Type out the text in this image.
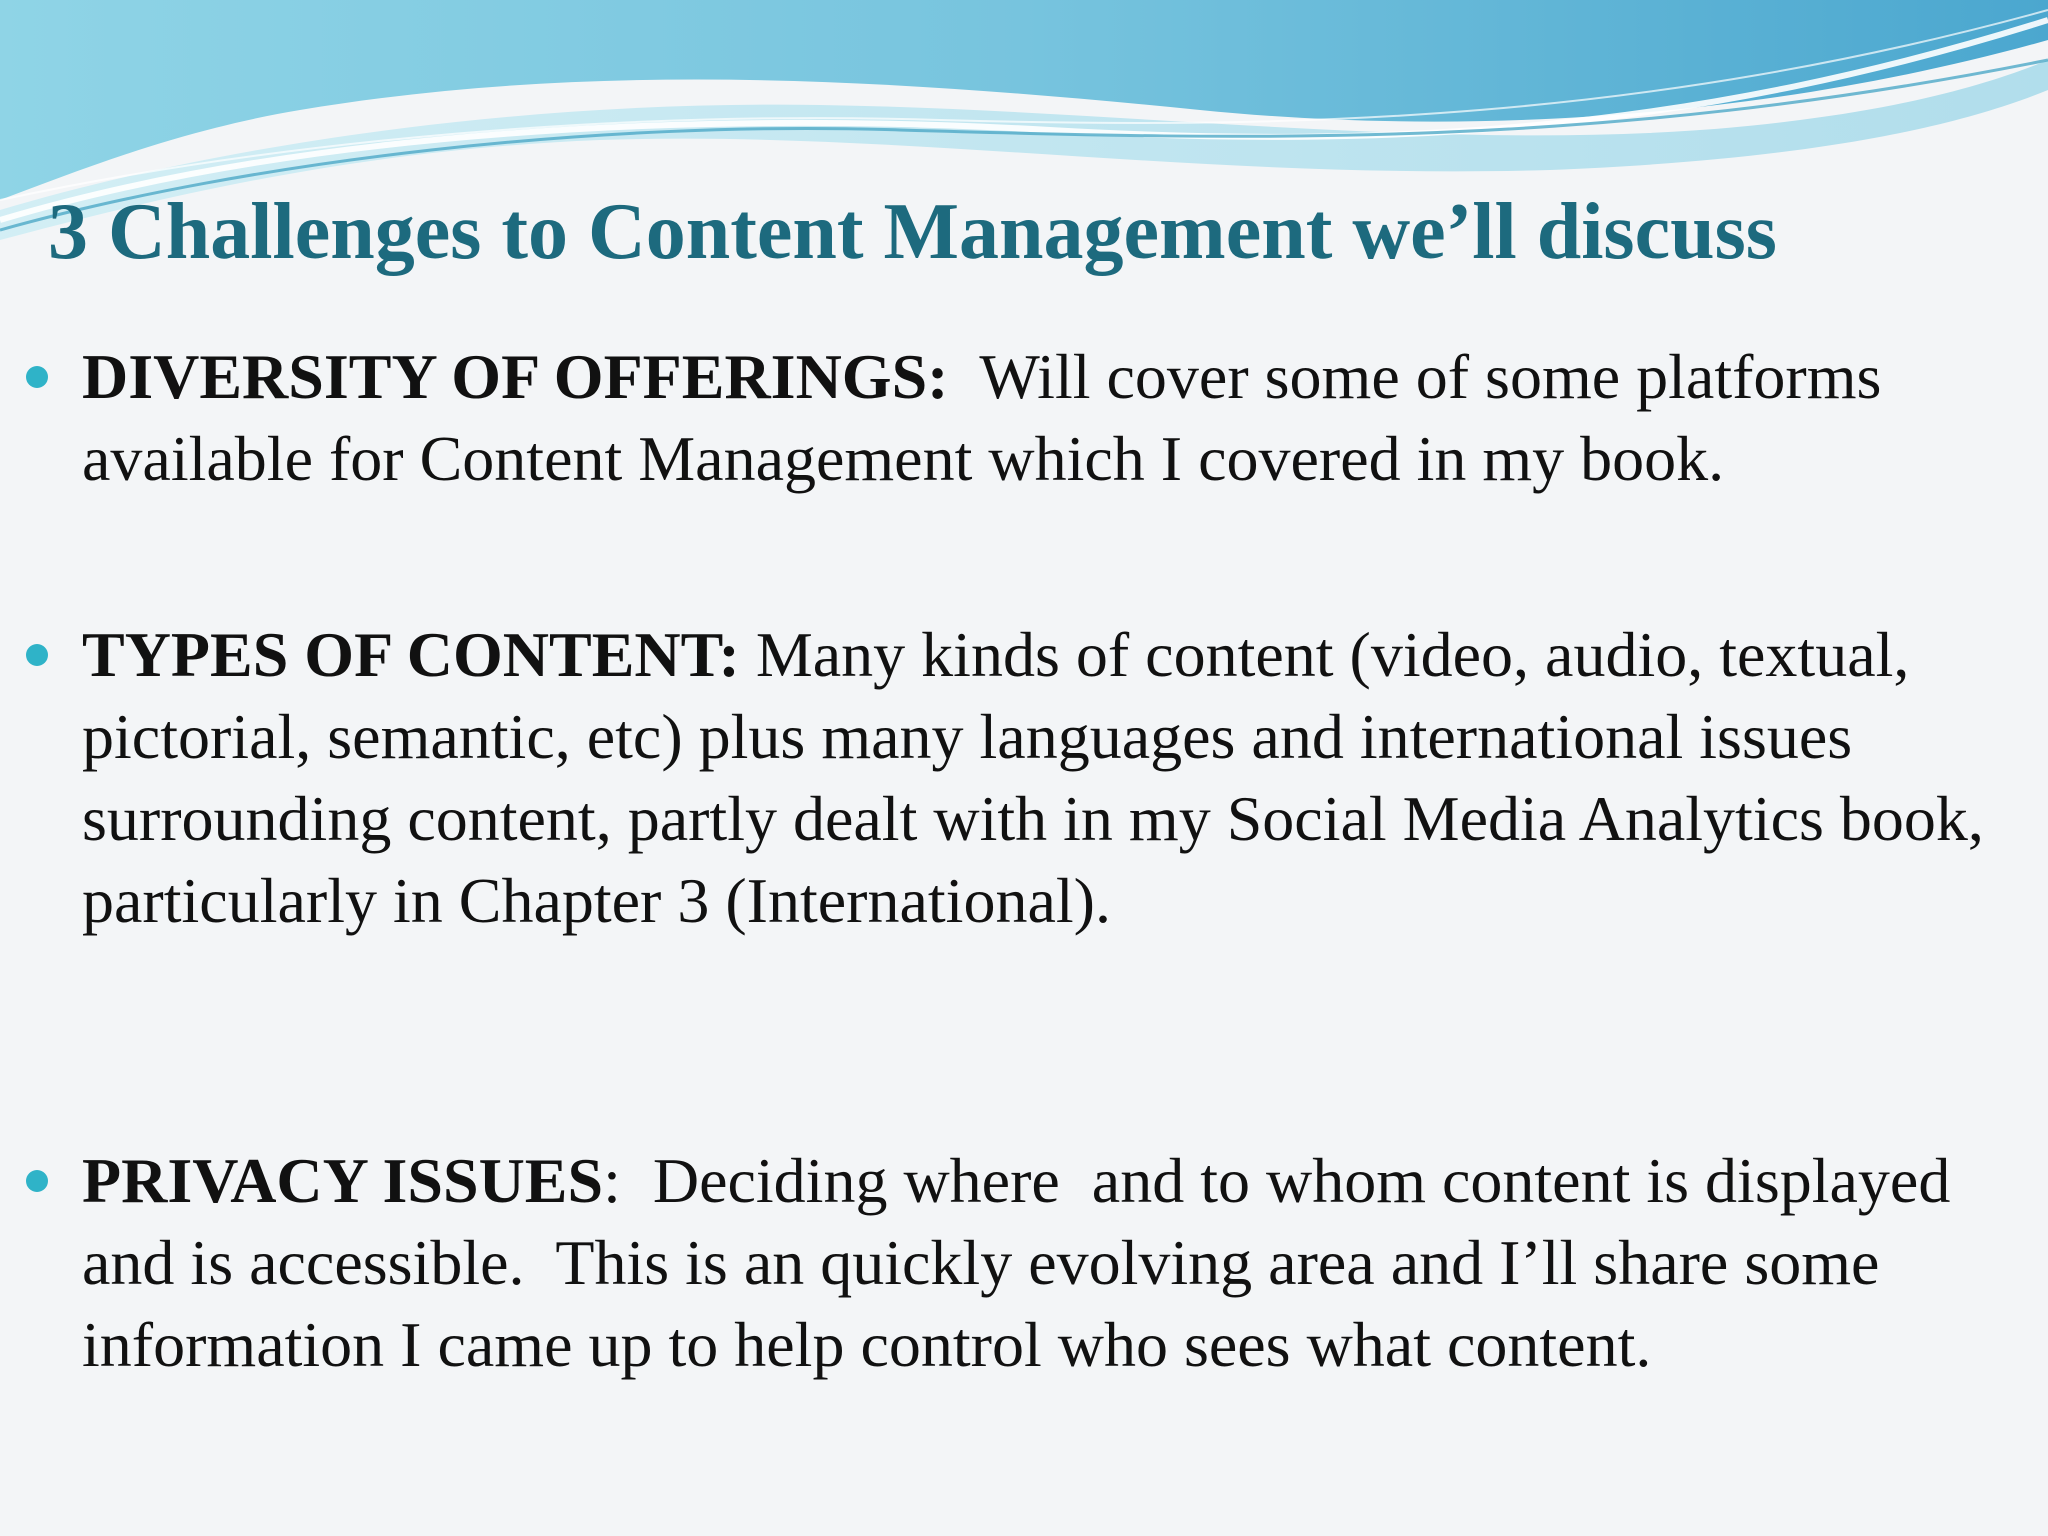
3 Challenges to Content Management we’ll discuss
DIVERSITY OF OFFERINGS:  Will cover some of some platforms available for Content Management which I covered in my book.
TYPES OF CONTENT: Many kinds of content (video, audio, textual, pictorial, semantic, etc) plus many languages and international issues surrounding content, partly dealt with in my Social Media Analytics book, particularly in Chapter 3 (International).
PRIVACY ISSUES:  Deciding where  and to whom content is displayed and is accessible.  This is an quickly evolving area and I’ll share some information I came up to help control who sees what content.
